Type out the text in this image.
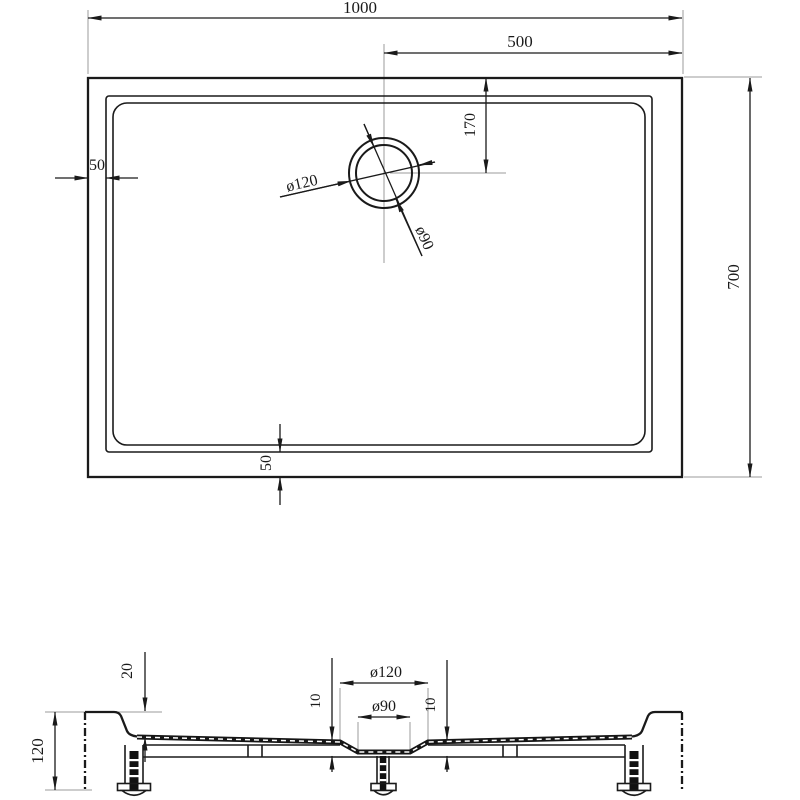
1000
500
700
170
50
50
ø120
ø90
120
20	ø120
ø90
10	10
